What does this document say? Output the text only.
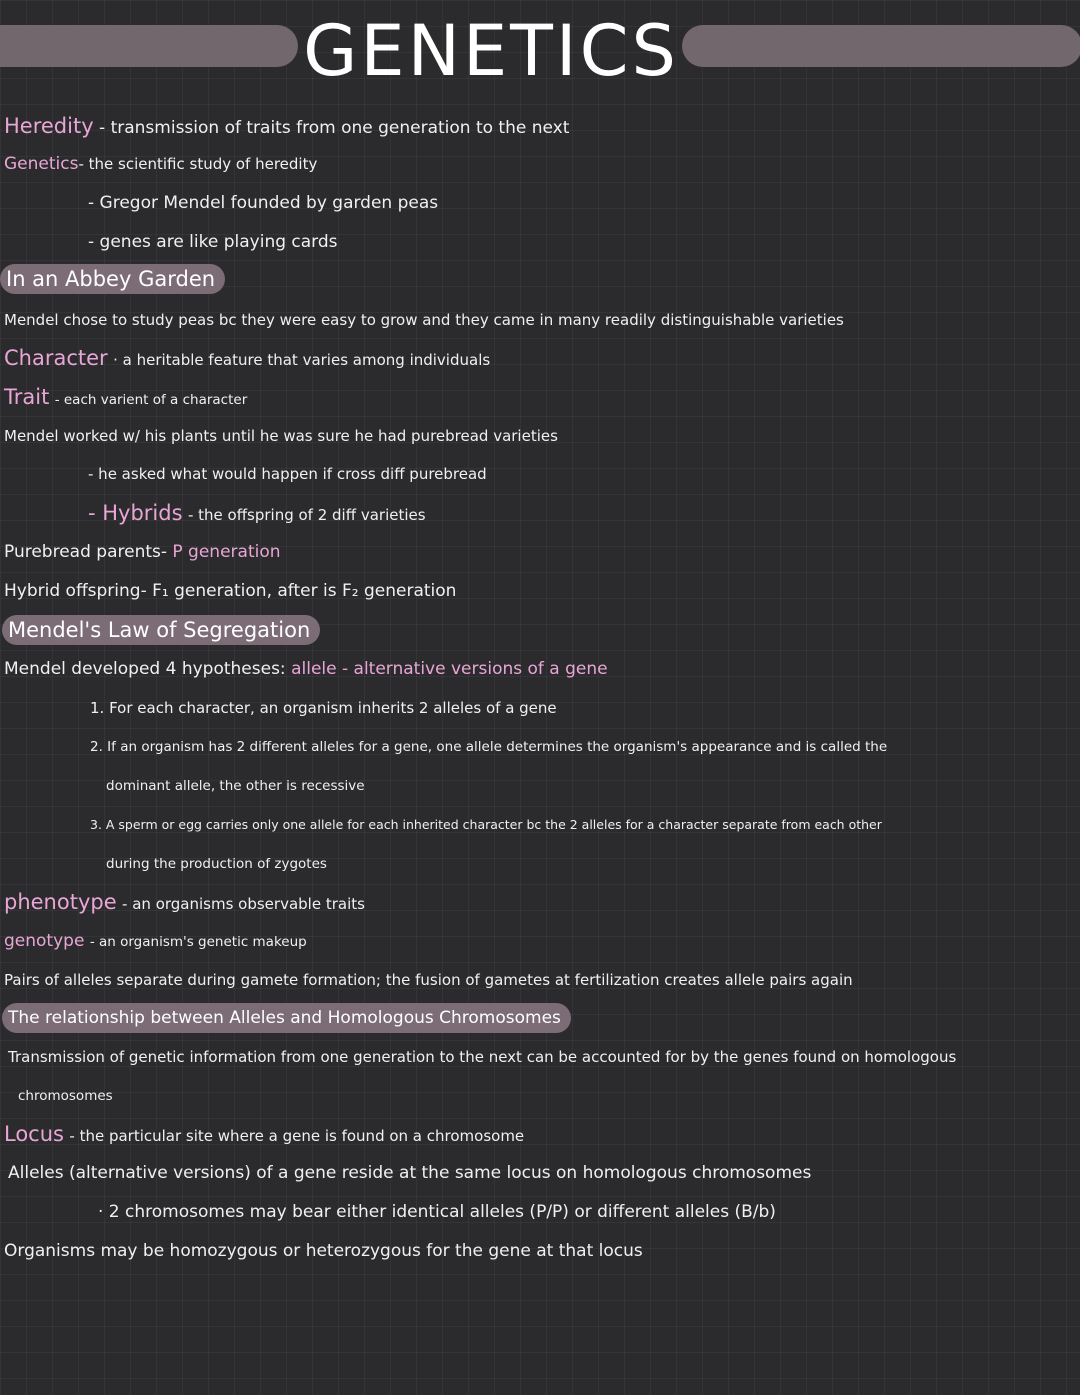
GENETICS
Heredity - transmission of traits from one generation to the next
Genetics- the scientific study of heredity
- Gregor Mendel founded by garden peas
- genes are like playing cards
In an Abbey Garden
Mendel chose to study peas bc they were easy to grow and they came in many readily distinguishable varieties
Character · a heritable feature that varies among individuals
Trait - each varient of a character
Mendel worked w/ his plants until he was sure he had purebread varieties
- he asked what would happen if cross diff purebread
- Hybrids - the offspring of 2 diff varieties
Purebread parents- P generation
Hybrid offspring- F₁ generation, after is F₂ generation
Mendel's Law of Segregation
Mendel developed 4 hypotheses: allele - alternative versions of a gene
1. For each character, an organism inherits 2 alleles of a gene
2. If an organism has 2 different alleles for a gene, one allele determines the organism's appearance and is called the
dominant allele, the other is recessive
3. A sperm or egg carries only one allele for each inherited character bc the 2 alleles for a character separate from each other
during the production of zygotes
phenotype - an organisms observable traits
genotype - an organism's genetic makeup
Pairs of alleles separate during gamete formation; the fusion of gametes at fertilization creates allele pairs again
The relationship between Alleles and Homologous Chromosomes
Transmission of genetic information from one generation to the next can be accounted for by the genes found on homologous
chromosomes
Locus - the particular site where a gene is found on a chromosome
Alleles (alternative versions) of a gene reside at the same locus on homologous chromosomes
· 2 chromosomes may bear either identical alleles (P/P) or different alleles (B/b)
Organisms may be homozygous or heterozygous for the gene at that locus
